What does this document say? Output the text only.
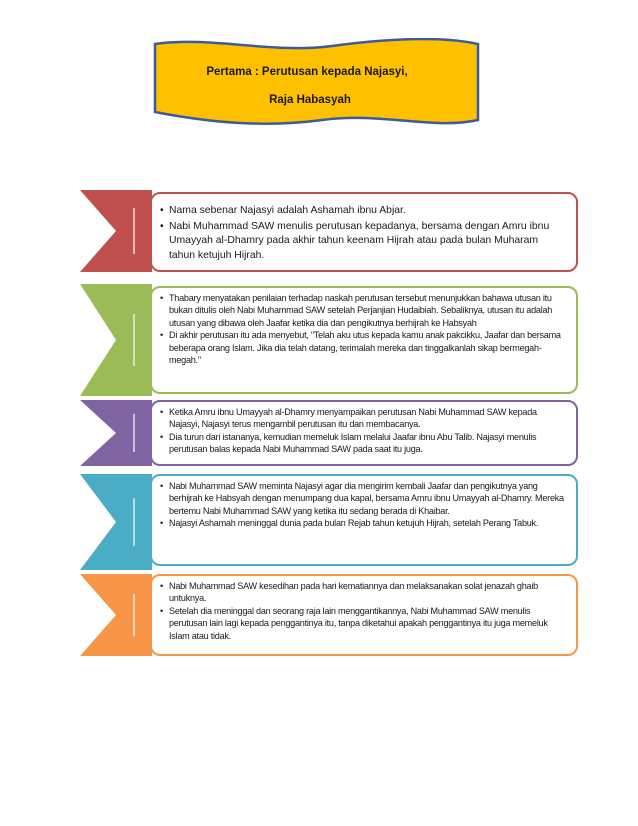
Pertama : Perutusan kepada Najasyi,
Raja Habasyah
• Nama sebenar Najasyi adalah Ashamah ibnu Abjar.
• Nabi Muhammad SAW menulis perutusan kepadanya, bersama dengan Amru ibnu Umayyah al-Dhamry pada akhir tahun keenam Hijrah atau pada bulan Muharam tahun ketujuh Hijrah.
• Thabary menyatakan penilaian terhadap naskah perutusan tersebut menunjukkan bahawa utusan itu bukan ditulis oleh Nabi Muhammad SAW setelah Perjanjian Hudaibiah. Sebaliknya, utusan itu adalah utusan yang dibawa oleh Jaafar ketika dia dan pengikutnya berhijrah ke Habsyah
• Di akhir perutusan itu ada menyebut, "Telah aku utus kepada kamu anak pakcikku, Jaafar dan bersama beberapa orang Islam. Jika dia telah datang, terimalah mereka dan tinggalkanlah sikap bermegah-megah."
• Ketika Amru ibnu Umayyah al-Dhamry menyampaikan perutusan Nabi Muhammad SAW kepada Najasyi, Najasyi terus mengambil perutusan itu dan membacanya.
• Dia turun dari istananya, kemudian memeluk Islam melalui Jaafar ibnu Abu Talib. Najasyi menulis perutusan balas kepada Nabi Muhammad SAW pada saat itu juga.
• Nabi Muhammad SAW meminta Najasyi agar dia mengirim kembali Jaafar dan pengikutnya yang berhijrah ke Habsyah dengan menumpang dua kapal, bersama Amru ibnu Umayyah al-Dhamry. Mereka bertemu Nabi Muhammad SAW yang ketika itu sedang berada di Khaibar.
• Najasyi Ashamah meninggal dunia pada bulan Rejab tahun ketujuh Hijrah, setelah Perang Tabuk.
• Nabi Muhammad SAW kesedihan pada hari kematiannya dan melaksanakan solat jenazah ghaib untuknya.
• Setelah dia meninggal dan seorang raja lain menggantikannya, Nabi Muhammad SAW menulis perutusan lain lagi kepada penggantinya itu, tanpa diketahui apakah penggantinya itu juga memeluk Islam atau tidak.
